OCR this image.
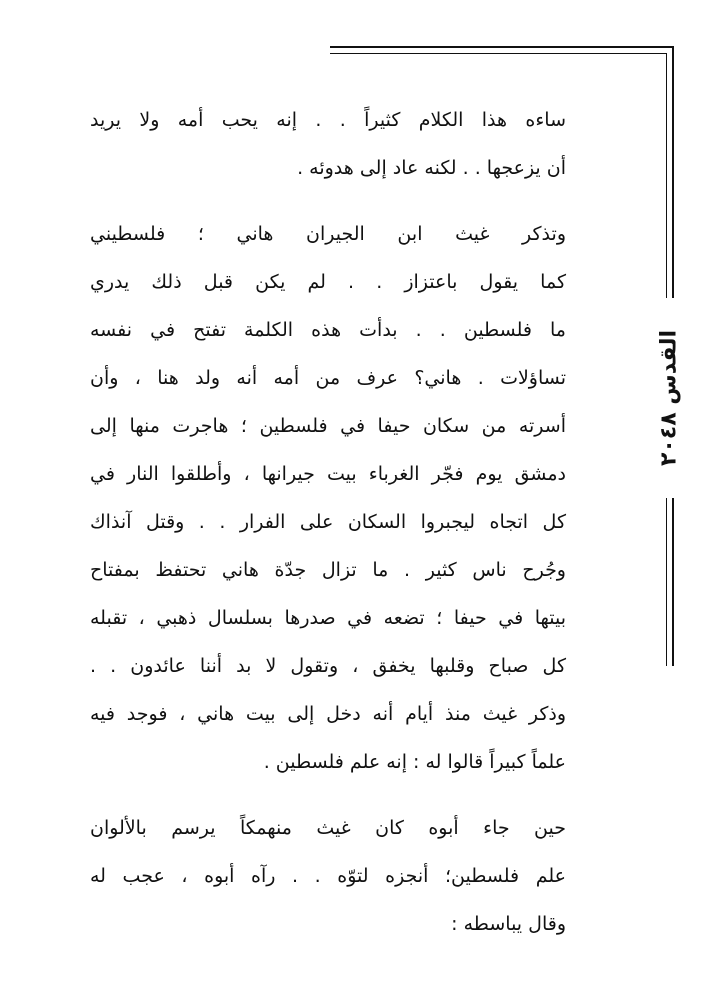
القدس ٢٠٤٨

ساءه هذا الكلام كثيراً . . إنه يحب أمه ولا يريد
أن يزعجها . . لكنه عاد إلى هدوئه .

وتذكر غيث ابن الجيران هاني ؛ فلسطيني
كما يقول باعتزاز . . لم يكن قبل ذلك يدري
ما فلسطين . . بدأت هذه الكلمة تفتح في نفسه
تساؤلات . هاني؟ عرف من أمه أنه ولد هنا ، وأن
أسرته من سكان حيفا في فلسطين ؛ هاجرت منها إلى
دمشق يوم فجّر الغرباء بيت جيرانها ، وأطلقوا النار في
كل اتجاه ليجبروا السكان على الفرار . . وقتل آنذاك
وجُرح ناس كثير . ما تزال جدّة هاني تحتفظ بمفتاح
بيتها في حيفا ؛ تضعه في صدرها بسلسال ذهبي ، تقبله
كل صباح وقلبها يخفق ، وتقول لا بد أننا عائدون . .
وذكر غيث منذ أيام أنه دخل إلى بيت هاني ، فوجد فيه
علماً كبيراً قالوا له : إنه علم فلسطين .

حين جاء أبوه كان غيث منهمكاً يرسم بالألوان
علم فلسطين؛ أنجزه لتوّه . . رآه أبوه ، عجب له
وقال يباسطه :
